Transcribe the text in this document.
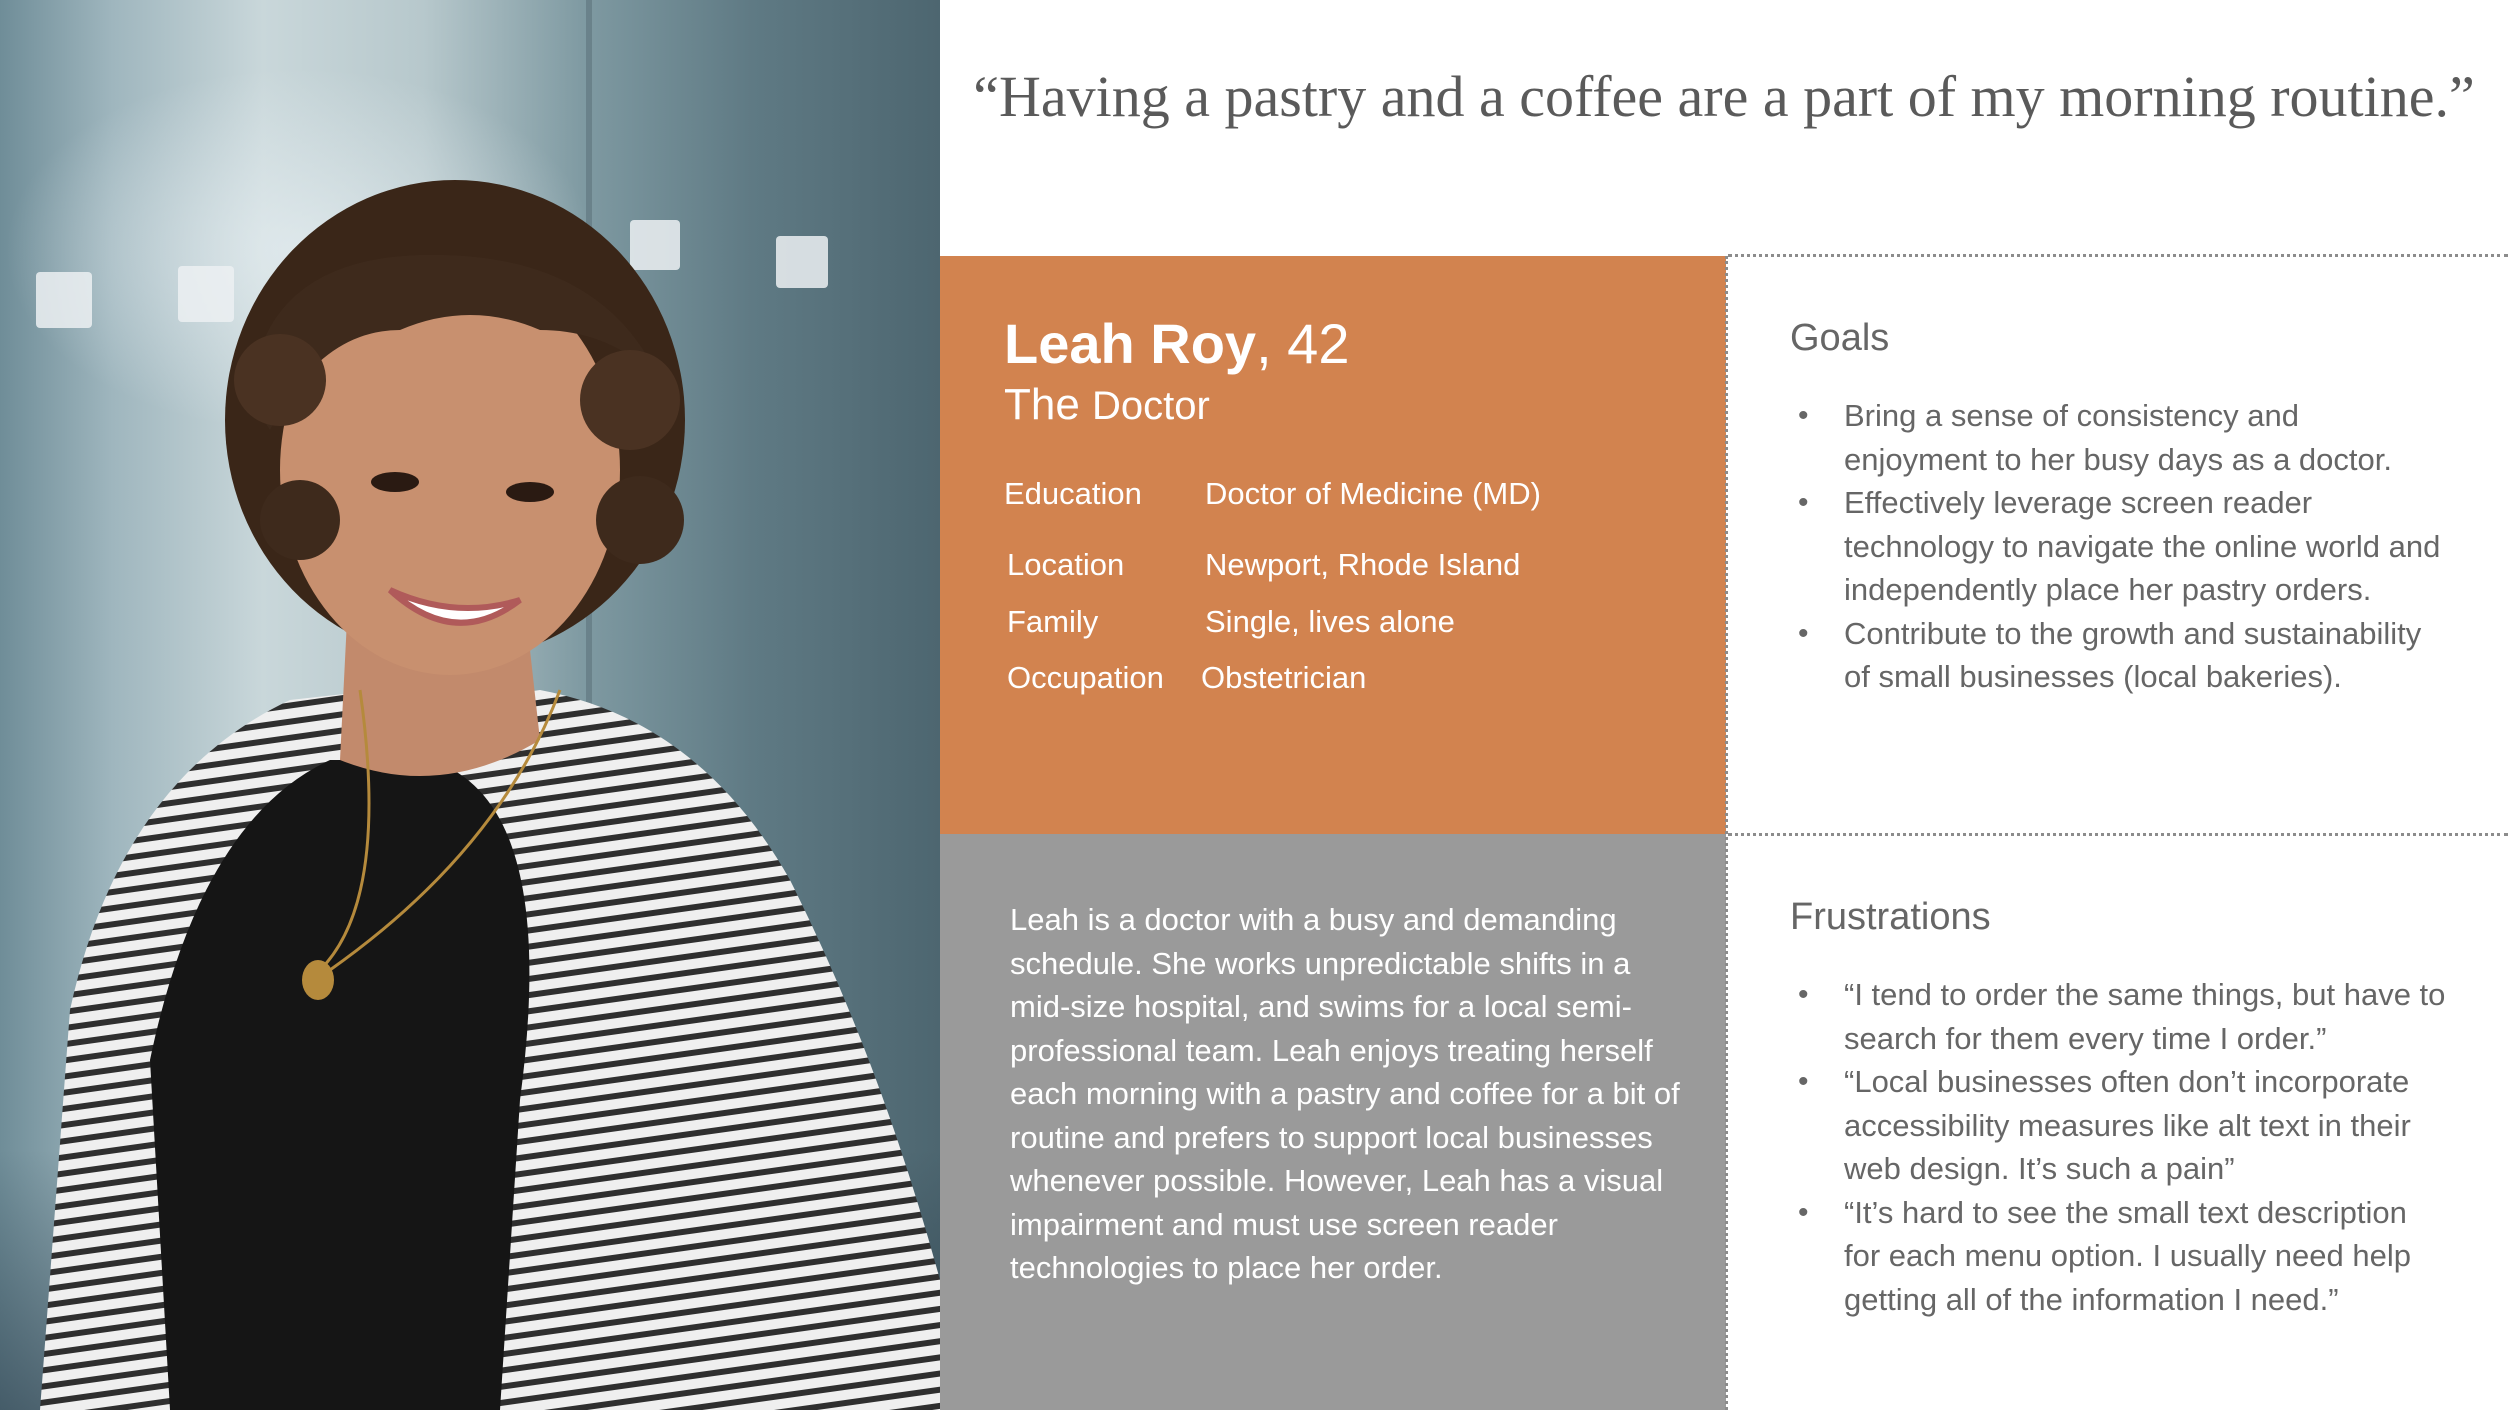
“Having a pastry and a coffee are a part of my morning routine.”
Leah Roy, 42
The Doctor
Education Doctor of Medicine (MD)
Location	Newport, Rhode Island
Family	Single, lives alone
Occupation Obstetrician

Leah is a doctor with a busy and demanding schedule. She works unpredictable shifts in a mid-size hospital, and swims for a local semi-professional team. Leah enjoys treating herself each morning with a pastry and coffee for a bit of routine and prefers to support local businesses whenever possible. However, Leah has a visual impairment and must use screen reader technologies to place her order.

Goals
• Bring a sense of consistency and enjoyment to her busy days as a doctor.
• Effectively leverage screen reader technology to navigate the online world and independently place her pastry orders.
• Contribute to the growth and sustainability of small businesses (local bakeries).
Frustrations
• “I tend to order the same things, but have to search for them every time I order.”
• “Local businesses often don’t incorporate accessibility measures like alt text in their web design. It’s such a pain”
• “It’s hard to see the small text description for each menu option. I usually need help getting all of the information I need.”
